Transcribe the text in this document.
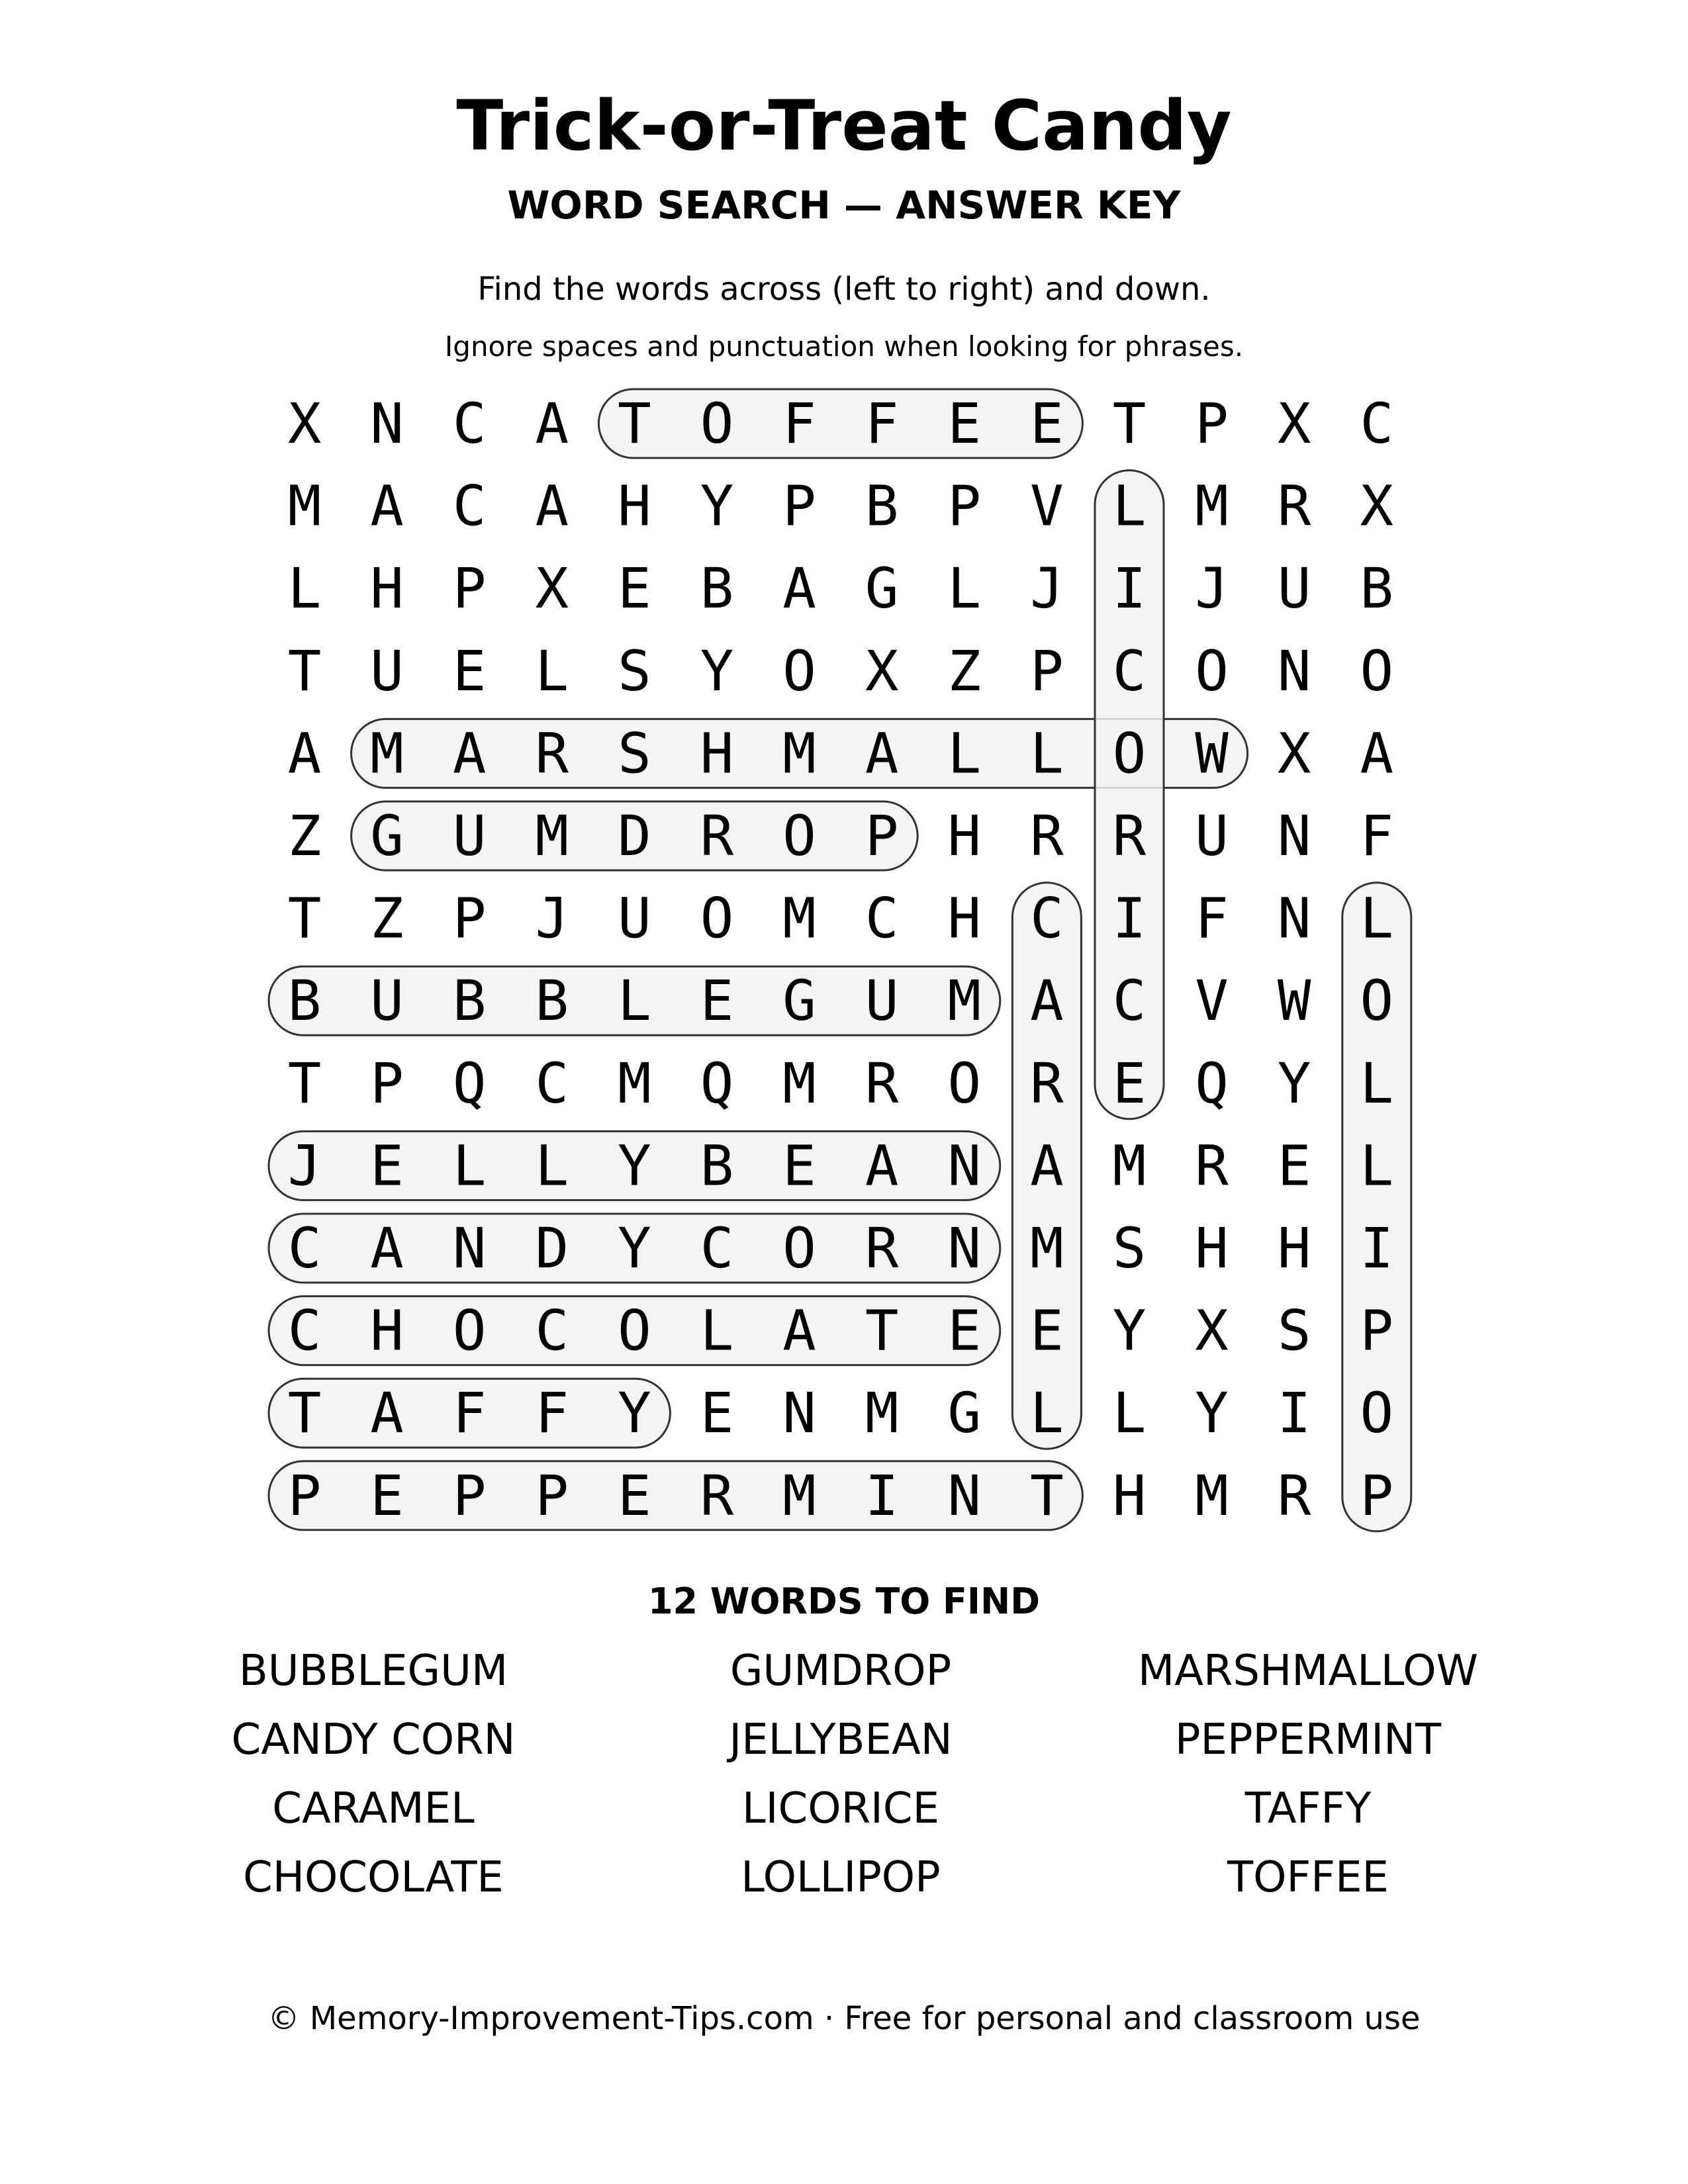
Trick-or-Treat Candy
WORD SEARCH — ANSWER KEY
Find the words across (left to right) and down.
Ignore spaces and punctuation when looking for phrases.
X N C A T O F F E E T P X C
M A C A H Y P B P V L M R X
L H P X E B A G L J I J U B
T U E L S Y O X Z P C O N O
A M A R S H M A L L O W X A
Z G U M D R O P H R R U N F
T Z P J U O M C H C I F N L
B U B B L E G U M A C V W O
T P Q C M Q M R O R E Q Y L
J E L L Y B E A N A M R E L
C A N D Y C O R N M S H H I
C H O C O L A T E E Y X S P
T A F F Y E N M G L L Y I O
P E P P E R M I N T H M R P
12 WORDS TO FIND
BUBBLEGUM
CANDY CORN
CARAMEL
CHOCOLATE
GUMDROP
JELLYBEAN
LICORICE
LOLLIPOP
MARSHMALLOW
PEPPERMINT
TAFFY
TOFFEE
© Memory-Improvement-Tips.com · Free for personal and classroom use
